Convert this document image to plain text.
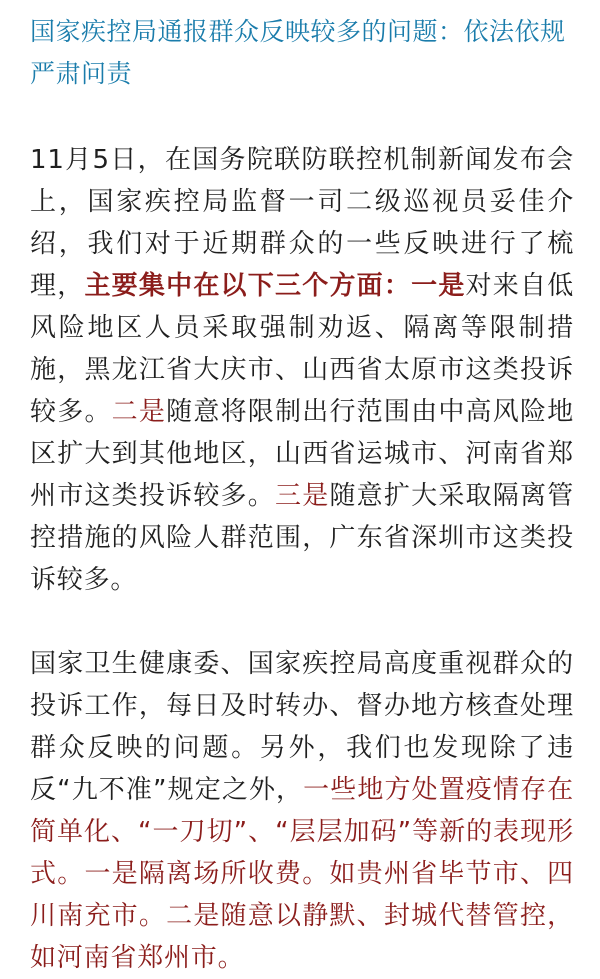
国家疾控局通报群众反映较多的问题：依法依规严肃问责

11月5日，在国务院联防联控机制新闻发布会上，国家疾控局监督一司二级巡视员妥佳介绍，我们对于近期群众的一些反映进行了梳理，主要集中在以下三个方面：一是对来自低风险地区人员采取强制劝返、隔离等限制措施，黑龙江省大庆市、山西省太原市这类投诉较多。二是随意将限制出行范围由中高风险地区扩大到其他地区，山西省运城市、河南省郑州市这类投诉较多。三是随意扩大采取隔离管控措施的风险人群范围，广东省深圳市这类投诉较多。

国家卫生健康委、国家疾控局高度重视群众的投诉工作，每日及时转办、督办地方核查处理群众反映的问题。另外，我们也发现除了违反“九不准”规定之外，一些地方处置疫情存在简单化、“一刀切”、“层层加码”等新的表现形式。一是隔离场所收费。如贵州省毕节市、四川南充市。二是随意以静默、封城代替管控，如河南省郑州市。
